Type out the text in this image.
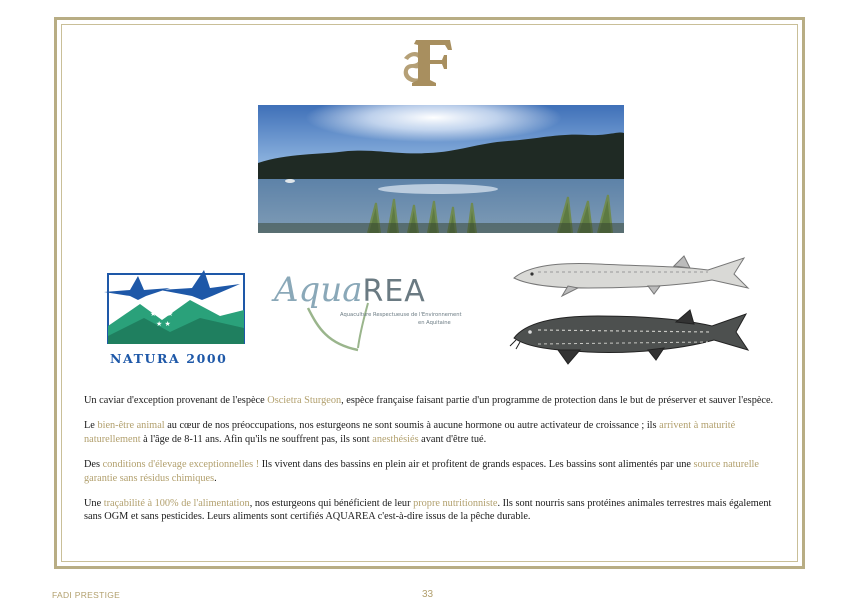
★ ★ ★
★ ★
NATURA 2000
AquaREA
Aquaculture Respectueuse de l'Environnement
en Aquitaine

Un caviar d'exception provenant de l'espèce Oscietra Sturgeon, espèce française faisant partie d'un programme de protection dans le but de préserver et sauver l'espèce.

Le bien-être animal au cœur de nos préoccupations, nos esturgeons ne sont soumis à aucune hormone ou autre activateur de croissance ; ils arrivent à maturité naturellement à l'âge de 8-11 ans. Afin qu'ils ne souffrent pas, ils sont anesthésiés avant d'être tué.

Des conditions d'élevage exceptionnelles ! Ils vivent dans des bassins en plein air et profitent de grands espaces. Les bassins sont alimentés par une source naturelle garantie sans résidus chimiques.

Une traçabilité à 100% de l'alimentation, nos esturgeons qui bénéficient de leur propre nutritionniste. Ils sont nourris sans protéines animales terrestres mais également sans OGM et sans pesticides. Leurs aliments sont certifiés AQUAREA c'est-à-dire issus de la pêche durable.

FADI PRESTIGE	33
